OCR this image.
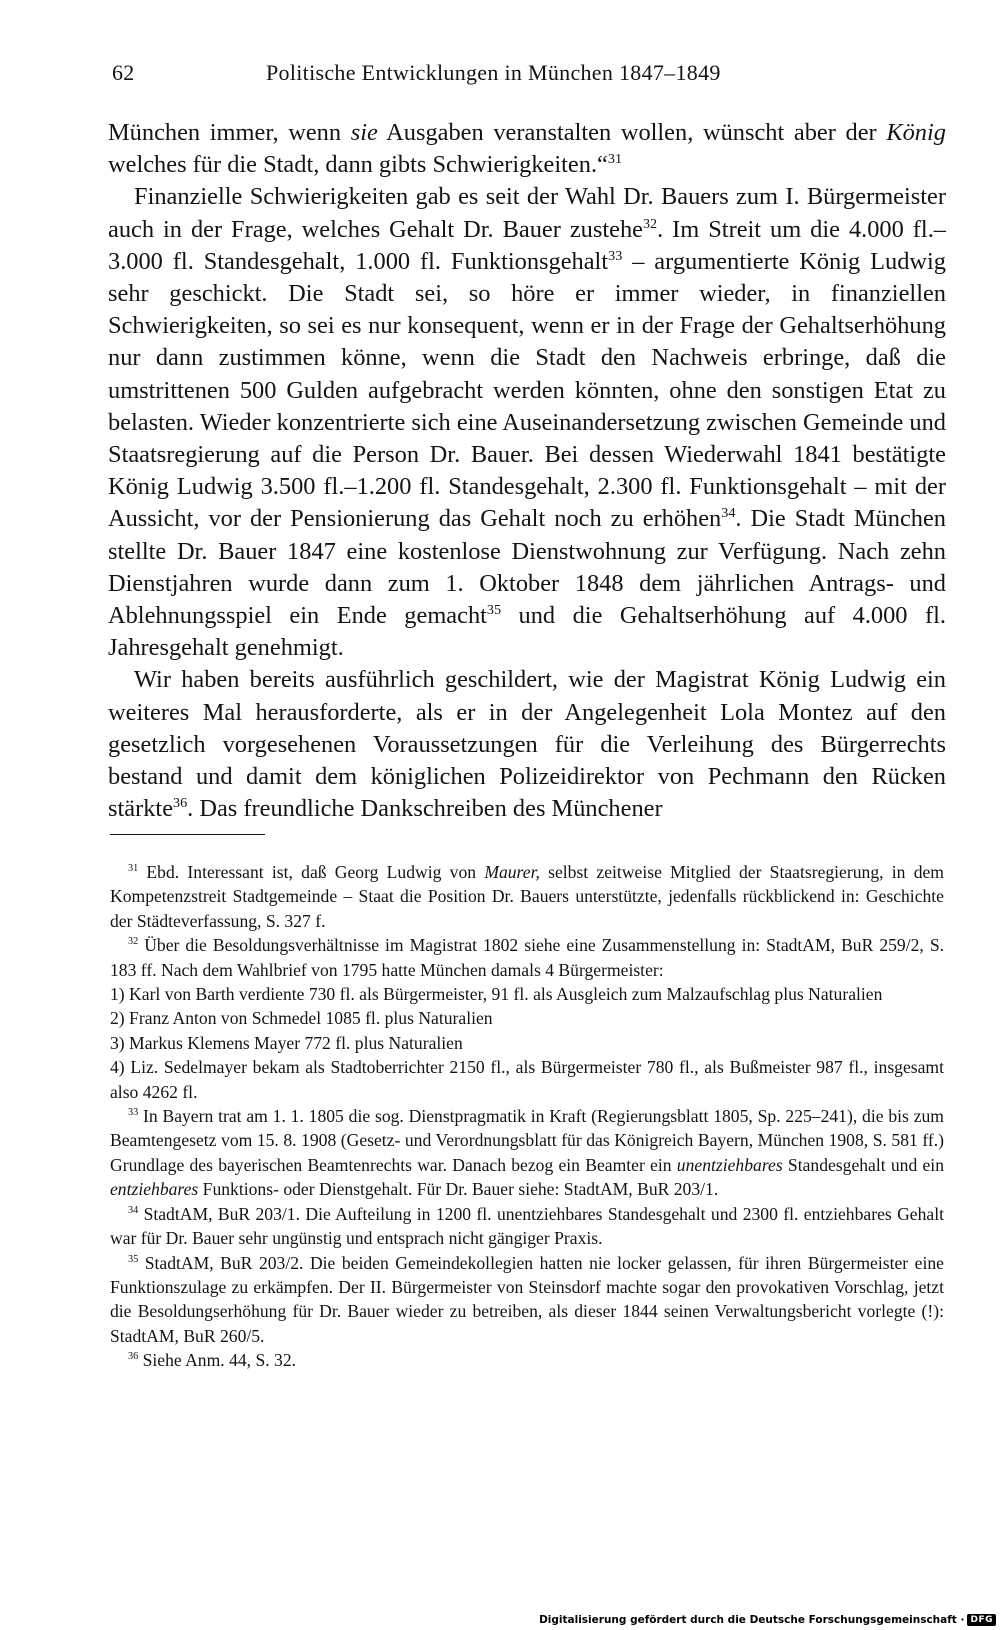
62	Politische Entwicklungen in München 1847–1849

München immer, wenn sie Ausgaben veranstalten wollen, wünscht aber der König welches für die Stadt, dann gibts Schwierigkeiten.“$^{31}$

Finanzielle Schwierigkeiten gab es seit der Wahl Dr. Bauers zum I. Bürgermeister auch in der Frage, welches Gehalt Dr. Bauer zustehe$^{32}$. Im Streit um die 4.000 fl.–3.000 fl. Standesgehalt, 1.000 fl. Funktionsgehalt$^{33}$ – argumentierte König Ludwig sehr geschickt. Die Stadt sei, so höre er immer wieder, in finanziellen Schwierigkeiten, so sei es nur konsequent, wenn er in der Frage der Gehaltserhöhung nur dann zustimmen könne, wenn die Stadt den Nachweis erbringe, daß die umstrittenen 500 Gulden aufgebracht werden könnten, ohne den sonstigen Etat zu belasten. Wieder konzentrierte sich eine Auseinandersetzung zwischen Gemeinde und Staatsregierung auf die Person Dr. Bauer. Bei dessen Wiederwahl 1841 bestätigte König Ludwig 3.500 fl.–1.200 fl. Standesgehalt, 2.300 fl. Funktionsgehalt – mit der Aussicht, vor der Pensionierung das Gehalt noch zu erhöhen$^{34}$. Die Stadt München stellte Dr. Bauer 1847 eine kostenlose Dienstwohnung zur Verfügung. Nach zehn Dienstjahren wurde dann zum 1. Oktober 1848 dem jährlichen Antrags- und Ablehnungsspiel ein Ende gemacht$^{35}$ und die Gehaltserhöhung auf 4.000 fl. Jahresgehalt genehmigt.

Wir haben bereits ausführlich geschildert, wie der Magistrat König Ludwig ein weiteres Mal herausforderte, als er in der Angelegenheit Lola Montez auf den gesetzlich vorgesehenen Voraussetzungen für die Verleihung des Bürgerrechts bestand und damit dem königlichen Polizeidirektor von Pechmann den Rücken stärkte$^{36}$. Das freundliche Dankschreiben des Münchener

$^{31}$ Ebd. Interessant ist, daß Georg Ludwig von Maurer, selbst zeitweise Mitglied der Staatsregierung, in dem Kompetenzstreit Stadtgemeinde – Staat die Position Dr. Bauers unterstützte, jedenfalls rückblickend in: Geschichte der Städteverfassung, S. 327 f.

$^{32}$ Über die Besoldungsverhältnisse im Magistrat 1802 siehe eine Zusammenstellung in: StadtAM, BuR 259/2, S. 183 ff. Nach dem Wahlbrief von 1795 hatte München damals 4 Bürgermeister:

1) Karl von Barth verdiente 730 fl. als Bürgermeister, 91 fl. als Ausgleich zum Malzaufschlag plus Naturalien

2) Franz Anton von Schmedel 1085 fl. plus Naturalien

3) Markus Klemens Mayer 772 fl. plus Naturalien

4) Liz. Sedelmayer bekam als Stadtoberrichter 2150 fl., als Bürgermeister 780 fl., als Bußmeister 987 fl., insgesamt also 4262 fl.

$^{33}$ In Bayern trat am 1. 1. 1805 die sog. Dienstpragmatik in Kraft (Regierungsblatt 1805, Sp. 225–241), die bis zum Beamtengesetz vom 15. 8. 1908 (Gesetz- und Verordnungsblatt für das Königreich Bayern, München 1908, S. 581 ff.) Grundlage des bayerischen Beamtenrechts war. Danach bezog ein Beamter ein unentziehbares Standesgehalt und ein entziehbares Funktions- oder Dienstgehalt. Für Dr. Bauer siehe: StadtAM, BuR 203/1.

$^{34}$ StadtAM, BuR 203/1. Die Aufteilung in 1200 fl. unentziehbares Standesgehalt und 2300 fl. entziehbares Gehalt war für Dr. Bauer sehr ungünstig und entsprach nicht gängiger Praxis.

$^{35}$ StadtAM, BuR 203/2. Die beiden Gemeindekollegien hatten nie locker gelassen, für ihren Bürgermeister eine Funktionszulage zu erkämpfen. Der II. Bürgermeister von Steinsdorf machte sogar den provokativen Vorschlag, jetzt die Besoldungserhöhung für Dr. Bauer wieder zu betreiben, als dieser 1844 seinen Verwaltungsbericht vorlegte (!): StadtAM, BuR 260/5.

$^{36}$ Siehe Anm. 44, S. 32.

Digitalisierung gefördert durch die Deutsche Forschungsgemeinschaft · DFG
